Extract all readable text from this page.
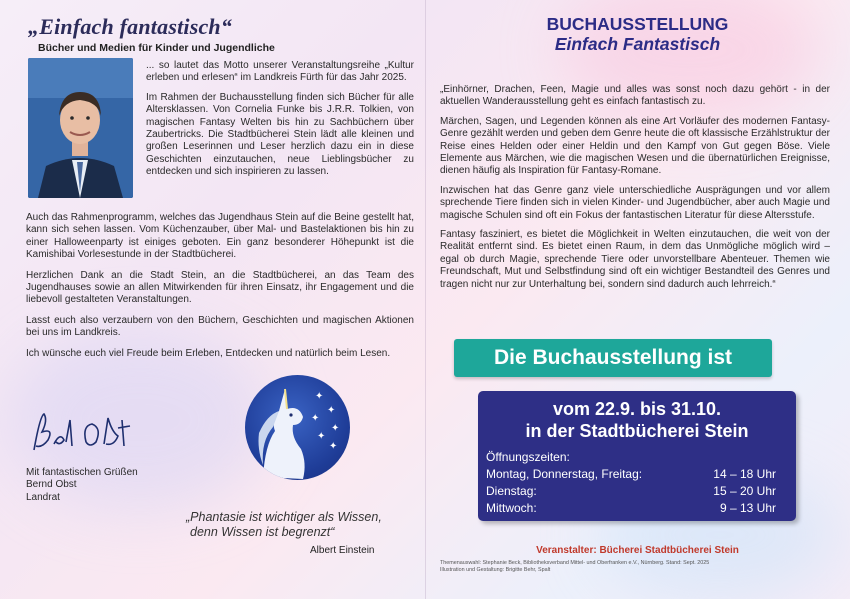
„Einfach fantastisch“
Bücher und Medien für Kinder und Jugendliche

... so lautet das Motto unserer Veranstaltungsreihe „Kultur erleben und erlesen“ im Landkreis Fürth für das Jahr 2025.

Im Rahmen der Buchausstellung finden sich Bücher für alle Altersklassen. Von Cornelia Funke bis J.R.R. Tolkien, von magischen Fantasy Welten bis hin zu Sachbüchern über Zaubertricks. Die Stadtbücherei Stein lädt alle kleinen und großen Leserinnen und Leser herzlich dazu ein in diese Geschichten einzutauchen, neue Lieblingsbücher zu entdecken und sich inspirieren zu lassen.

Auch das Rahmenprogramm, welches das Jugendhaus Stein auf die Beine gestellt hat, kann sich sehen lassen. Vom Küchenzauber, über Mal- und Bastelaktionen bis hin zu einer Halloweenparty ist einiges geboten. Ein ganz besonderer Höhepunkt ist die Kamishibai Vorlesestunde in der Stadtbücherei.

Herzlichen Dank an die Stadt Stein, an die Stadtbücherei, an das Team des Jugendhauses sowie an allen Mitwirkenden für ihren Einsatz, ihr Engagement und die liebevoll gestalteten Veranstaltungen.

Lasst euch also verzaubern von den Büchern, Geschichten und magischen Aktionen bei uns im Landkreis.

Ich wünsche euch viel Freude beim Erleben, Entdecken und natürlich beim Lesen.

Mit fantastischen Grüßen
Bernd Obst
Landrat
✦
✦
✦
✦
✦
✦
„Phantasie ist wichtiger als Wissen,
denn Wissen ist begrenzt“
Albert Einstein
BUCHAUSSTELLUNG
Einfach Fantastisch

„Einhörner, Drachen, Feen, Magie und alles was sonst noch dazu gehört - in der aktuellen Wanderausstellung geht es einfach fantastisch zu.

Märchen, Sagen, und Legenden können als eine Art Vorläufer des modernen Fantasy-Genre gezählt werden und geben dem Genre heute die oft klassische Erzählstruktur der Reise eines Helden oder einer Heldin und den Kampf von Gut gegen Böse. Viele Elemente aus Märchen, wie die magischen Wesen und die übernatürlichen Ereignisse, dienen häufig als Inspiration für Fantasy-Romane.

Inzwischen hat das Genre ganz viele unterschiedliche Ausprägungen und vor allem sprechende Tiere finden sich in vielen Kinder- und Jugendbücher, aber auch Magie und magische Schulen sind oft ein Fokus der fantastischen Literatur für diese Altersstufe.

Fantasy fasziniert, es bietet die Möglichkeit in Welten einzutauchen, die weit von der Realität entfernt sind. Es bietet einen Raum, in dem das Unmögliche möglich wird – egal ob durch Magie, sprechende Tiere oder unvorstellbare Abenteuer. Themen wie Freundschaft, Mut und Selbstfindung sind oft ein wichtiger Bestandteil des Genres und tragen nicht nur zur Unterhaltung bei, sondern sind dadurch auch lehrreich.“

Die Buchausstellung ist
vom 22.9. bis 31.10.
in der Stadtbücherei Stein
Öffnungszeiten:
Montag, Donnerstag, Freitag:	14 – 18 Uhr
Dienstag:	15 – 20 Uhr
Mittwoch:	9 – 13 Uhr
Veranstalter: Bücherei Stadtbücherei Stein
Themenauswahl: Stephanie Beck, Bibliotheksverband Mittel- und Oberfranken e.V., Nürnberg. Stand: Sept. 2025
Illustration und Gestaltung: Brigitte Behr, Spalt
